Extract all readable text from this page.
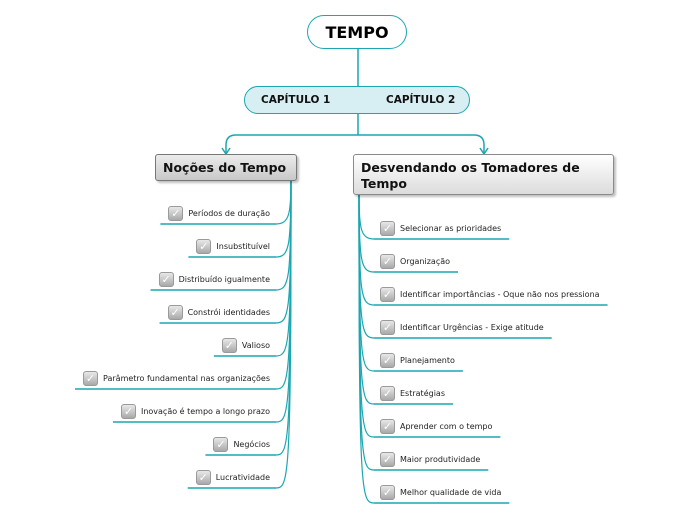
TEMPO
CAPÍTULO 1	CAPÍTULO 2
Noções do Tempo	Desvendando os Tomadores de Tempo
✓ Períodos de duração
✓ Insubstituível
✓ Distribuído igualmente
✓ Constrói identidades
✓ Valioso
✓ Parâmetro fundamental nas organizações
✓ Inovação é tempo a longo prazo
✓ Negócios
✓ Lucratividade
✓ Selecionar as prioridades
✓ Organização
✓ Identificar importâncias - Oque não nos pressiona
✓ Identificar Urgências - Exige atitude
✓ Planejamento
✓ Estratégias
✓ Aprender com o tempo
✓ Maior produtividade
✓ Melhor qualidade de vida
